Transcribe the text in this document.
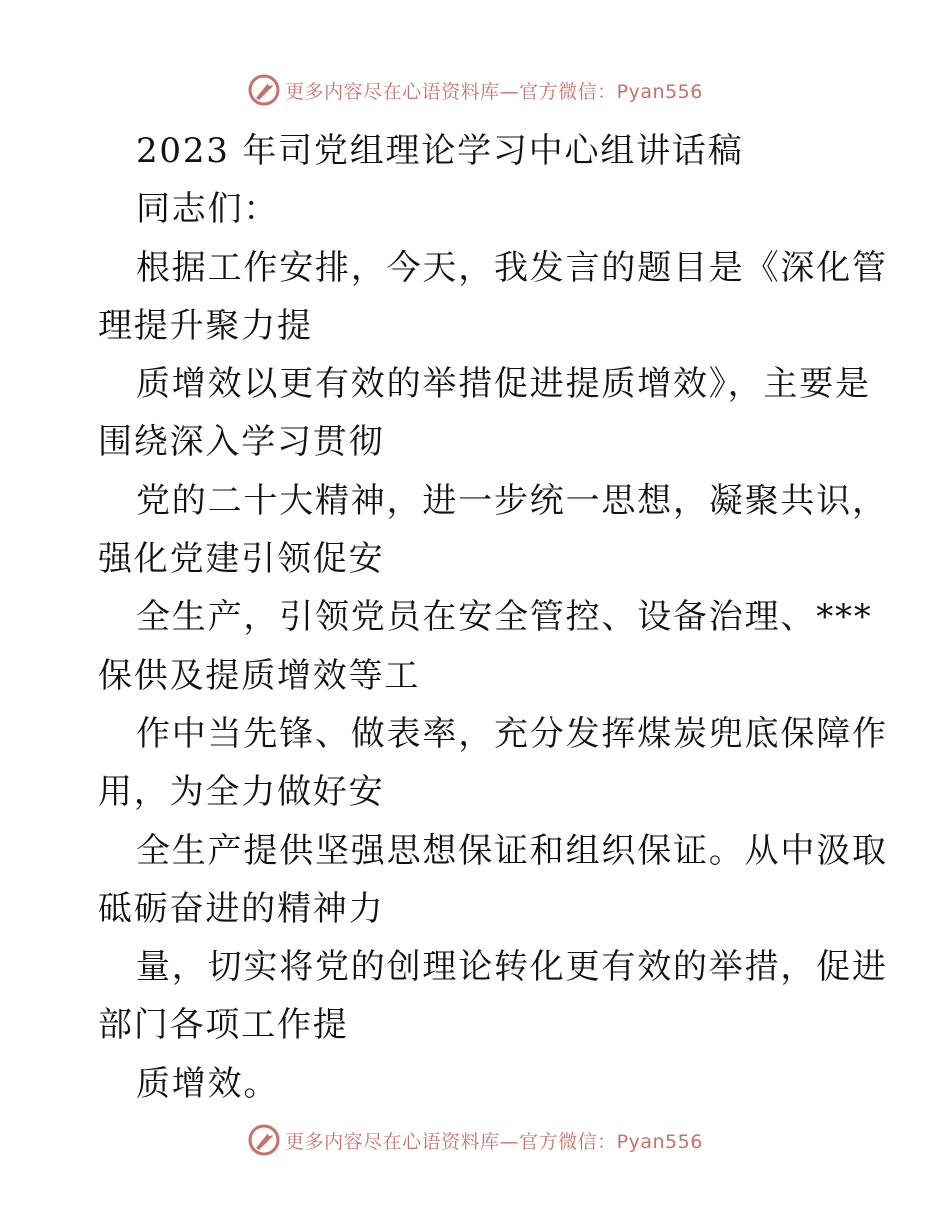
更多内容尽在心语资料库—官方微信：Pyan556
2023 年司党组理论学习中心组讲话稿
同志们：
根据工作安排，今天，我发言的题目是《深化管
理提升聚力提
质增效以更有效的举措促进提质增效》，主要是
围绕深入学习贯彻
党的二十大精神，进一步统一思想，凝聚共识，
强化党建引领促安
全生产，引领党员在安全管控、设备治理、***
保供及提质增效等工
作中当先锋、做表率，充分发挥煤炭兜底保障作
用，为全力做好安
全生产提供坚强思想保证和组织保证。从中汲取
砥砺奋进的精神力
量，切实将党的创理论转化更有效的举措，促进
部门各项工作提
质增效。
更多内容尽在心语资料库—官方微信：Pyan556
